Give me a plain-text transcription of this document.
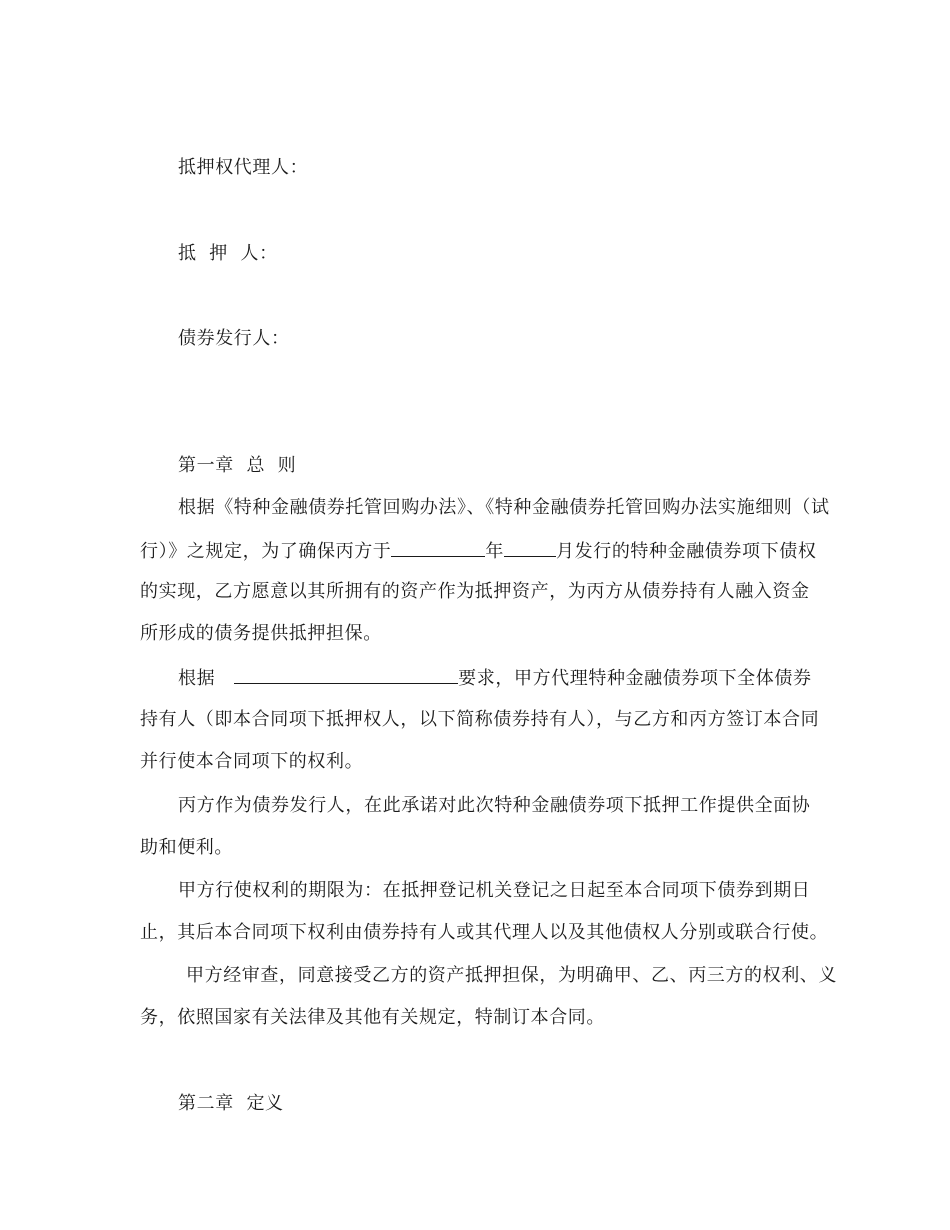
抵押权代理人：
抵  押  人：
债券发行人：
第一章  总  则
根据《特种金融债券托管回购办法》、《特种金融债券托管回购办法实施细则（试
行）》之规定，为了确保丙方于	年	月发行的特种金融债券项下债权
的实现，乙方愿意以其所拥有的资产作为抵押资产，为丙方从债券持有人融入资金
所形成的债务提供抵押担保。
根据	要求，甲方代理特种金融债券项下全体债券
持有人（即本合同项下抵押权人，以下简称债券持有人），与乙方和丙方签订本合同
并行使本合同项下的权利。
丙方作为债券发行人，在此承诺对此次特种金融债券项下抵押工作提供全面协
助和便利。
甲方行使权利的期限为：在抵押登记机关登记之日起至本合同项下债券到期日
止，其后本合同项下权利由债券持有人或其代理人以及其他债权人分别或联合行使。
甲方经审查，同意接受乙方的资产抵押担保，为明确甲、乙、丙三方的权利、义
务，依照国家有关法律及其他有关规定，特制订本合同。
第二章  定义
